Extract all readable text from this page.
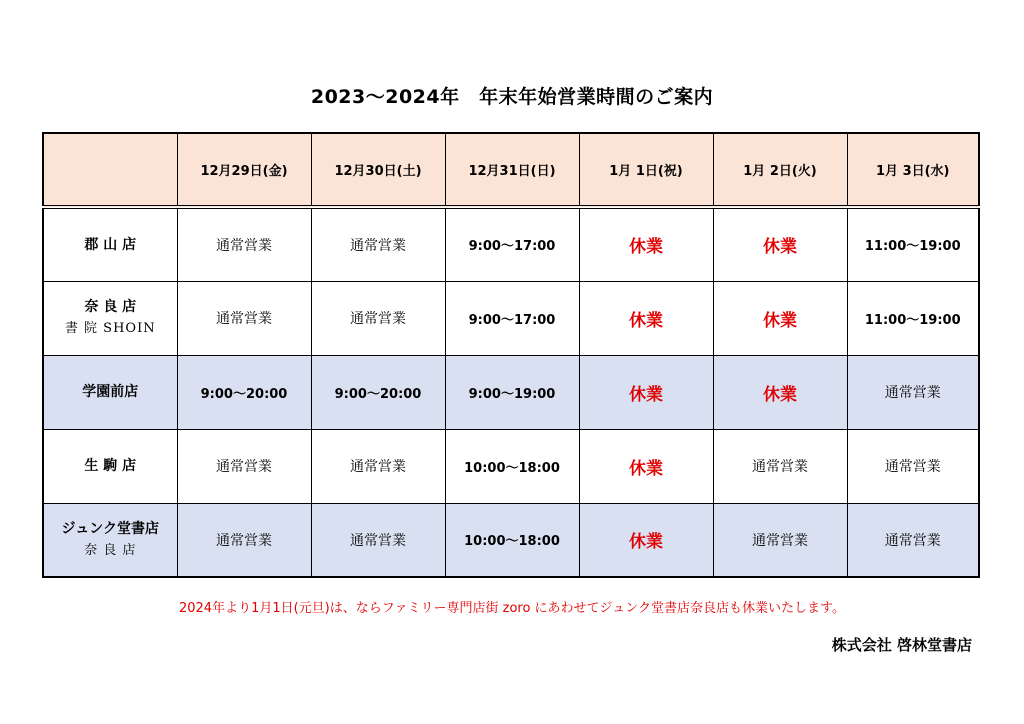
2023～2024年　年末年始営業時間のご案内
	12月29日(金)	12月30日(土)	12月31日(日)	1月 1日(祝)	1月 2日(火)	1月 3日(水)

郡 山 店	通常営業	通常営業	9:00～17:00	休業	休業	11:00～19:00

奈 良 店
書 院 SHOIN	通常営業	通常営業	9:00～17:00	休業	休業	11:00～19:00

学園前店	9:00～20:00	9:00～20:00	9:00～19:00	休業	休業	通常営業

生 駒 店	通常営業	通常営業	10:00～18:00	休業	通常営業	通常営業

ジュンク堂書店
奈 良 店	通常営業	通常営業	10:00～18:00	休業	通常営業	通常営業
2024年より1月1日(元旦)は、ならファミリー専門店街 zoro にあわせてジュンク堂書店奈良店も休業いたします。
株式会社 啓林堂書店
